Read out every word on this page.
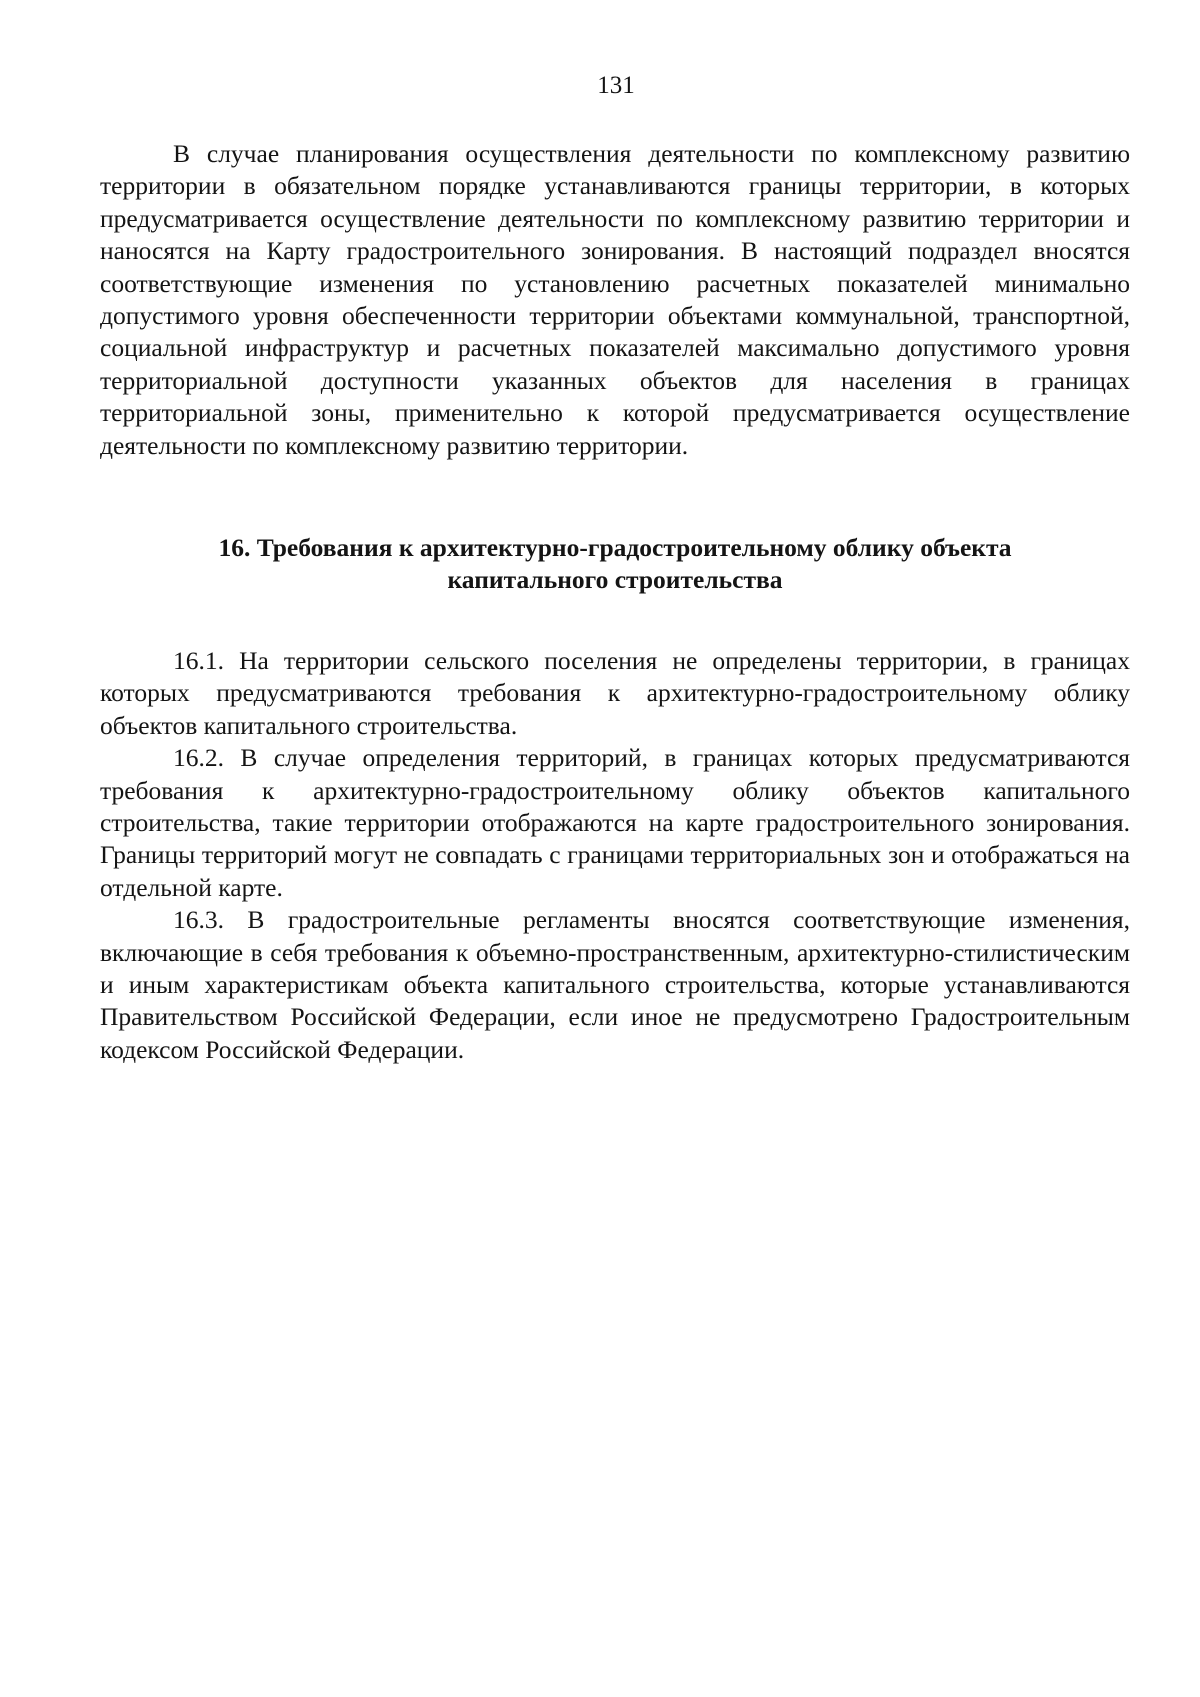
131

В случае планирования осуществления деятельности по комплексному развитию территории в обязательном порядке устанавливаются границы территории, в которых предусматривается осуществление деятельности по комплексному развитию территории и наносятся на Карту градостроительного зонирования. В настоящий подраздел вносятся соответствующие изменения по установлению расчетных показателей минимально допустимого уровня обеспеченности территории объектами коммунальной, транспортной, социальной инфраструктур и расчетных показателей максимально допустимого уровня территориальной доступности указанных объектов для населения в границах территориальной зоны, применительно к которой предусматривается осуществление деятельности по комплексному развитию территории.

16. Требования к архитектурно-градостроительному облику объекта
капитального строительства

16.1. На территории сельского поселения не определены территории, в границах которых предусматриваются требования к архитектурно-градостроительному облику объектов капитального строительства.

16.2. В случае определения территорий, в границах которых предусматриваются требования к архитектурно-градостроительному облику объектов капитального строительства, такие территории отображаются на карте градостроительного зонирования. Границы территорий могут не совпадать с границами территориальных зон и отображаться на отдельной карте.

16.3. В градостроительные регламенты вносятся соответствующие изменения, включающие в себя требования к объемно-пространственным, архитектурно-стилистическим и иным характеристикам объекта капитального строительства, которые устанавливаются Правительством Российской Федерации, если иное не предусмотрено Градостроительным кодексом Российской Федерации.
